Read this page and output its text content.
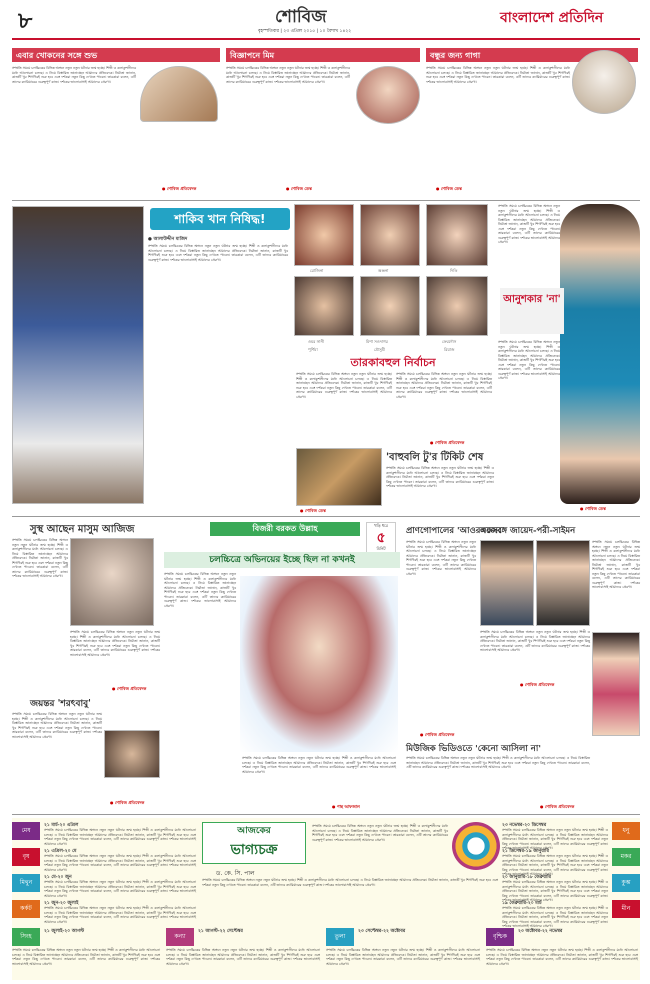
৮	শোবিজ
বৃহস্পতিবার | ২৩ এপ্রিল ২০১৫ | ১০ বৈশাখ ১৪২২
বাংলাদেশ প্রতিদিন
এবার খোকনের সঙ্গে শুভ
সম্প্রতি সময়ে চলচ্চিত্রের বিভিন্ন অঙ্গনে নতুন নতুন ঘটনার জন্ম হচ্ছে। শিল্পী ও কলাকুশলীদের মধ্যে আলোচনা চলছে। এ নিয়ে বিস্তারিত জানাচ্ছেন আমাদের প্রতিবেদক। নির্মাতা জানান, কাজটি খুব শিগগিরই শুরু হবে এবং দর্শকরা নতুন কিছু দেখতে পাবেন। তারকারা বলেন, এটি তাদের ক্যারিয়ারের গুরুত্বপূর্ণ কাজ। দর্শকের ভালোবাসাই আমাদের প্রেরণা।
● শোবিজ প্রতিবেদক
বিজ্ঞাপনে মিম
সম্প্রতি সময়ে চলচ্চিত্রের বিভিন্ন অঙ্গনে নতুন নতুন ঘটনার জন্ম হচ্ছে। শিল্পী ও কলাকুশলীদের মধ্যে আলোচনা চলছে। এ নিয়ে বিস্তারিত জানাচ্ছেন আমাদের প্রতিবেদক। নির্মাতা জানান, কাজটি খুব শিগগিরই শুরু হবে এবং দর্শকরা নতুন কিছু দেখতে পাবেন। তারকারা বলেন, এটি তাদের ক্যারিয়ারের গুরুত্বপূর্ণ কাজ। দর্শকের ভালোবাসাই আমাদের প্রেরণা।
● শোবিজ ডেস্ক
বন্ধুর জন্য গাগা
সম্প্রতি সময়ে চলচ্চিত্রের বিভিন্ন অঙ্গনে নতুন নতুন ঘটনার জন্ম হচ্ছে। শিল্পী ও কলাকুশলীদের মধ্যে আলোচনা চলছে। এ নিয়ে বিস্তারিত জানাচ্ছেন আমাদের প্রতিবেদক। নির্মাতা জানান, কাজটি খুব শিগগিরই শুরু হবে এবং দর্শকরা নতুন কিছু দেখতে পাবেন। তারকারা বলেন, এটি তাদের ক্যারিয়ারের গুরুত্বপূর্ণ কাজ। দর্শকের ভালোবাসাই আমাদের প্রেরণা।
● শোবিজ ডেস্ক
শাকিব খান নিষিদ্ধ!
● আলাউদ্দীন মাজিদ
সম্প্রতি সময়ে চলচ্চিত্রের বিভিন্ন অঙ্গনে নতুন নতুন ঘটনার জন্ম হচ্ছে। শিল্পী ও কলাকুশলীদের মধ্যে আলোচনা চলছে। এ নিয়ে বিস্তারিত জানাচ্ছেন আমাদের প্রতিবেদক। নির্মাতা জানান, কাজটি খুব শিগগিরই শুরু হবে এবং দর্শকরা নতুন কিছু দেখতে পাবেন। তারকারা বলেন, এটি তাদের ক্যারিয়ারের গুরুত্বপূর্ণ কাজ। দর্শকের ভালোবাসাই আমাদের প্রেরণা।
রোজিনা	অঞ্জনা	দিতি
ওমর সানী	মিশা সওদাগর	ফেরদৌস
পূর্ণিমা	মৌসুমী	রিয়াজ
তারকাবহুল নির্বাচন
সম্প্রতি সময়ে চলচ্চিত্রের বিভিন্ন অঙ্গনে নতুন নতুন ঘটনার জন্ম হচ্ছে। শিল্পী ও কলাকুশলীদের মধ্যে আলোচনা চলছে। এ নিয়ে বিস্তারিত জানাচ্ছেন আমাদের প্রতিবেদক। নির্মাতা জানান, কাজটি খুব শিগগিরই শুরু হবে এবং দর্শকরা নতুন কিছু দেখতে পাবেন। তারকারা বলেন, এটি তাদের ক্যারিয়ারের গুরুত্বপূর্ণ কাজ। দর্শকের ভালোবাসাই আমাদের প্রেরণা।
সম্প্রতি সময়ে চলচ্চিত্রের বিভিন্ন অঙ্গনে নতুন নতুন ঘটনার জন্ম হচ্ছে। শিল্পী ও কলাকুশলীদের মধ্যে আলোচনা চলছে। এ নিয়ে বিস্তারিত জানাচ্ছেন আমাদের প্রতিবেদক। নির্মাতা জানান, কাজটি খুব শিগগিরই শুরু হবে এবং দর্শকরা নতুন কিছু দেখতে পাবেন। তারকারা বলেন, এটি তাদের ক্যারিয়ারের গুরুত্বপূর্ণ কাজ। দর্শকের ভালোবাসাই আমাদের প্রেরণা।
● শোবিজ প্রতিবেদক
সম্প্রতি সময়ে চলচ্চিত্রের বিভিন্ন অঙ্গনে নতুন নতুন ঘটনার জন্ম হচ্ছে। শিল্পী ও কলাকুশলীদের মধ্যে আলোচনা চলছে। এ নিয়ে বিস্তারিত জানাচ্ছেন আমাদের প্রতিবেদক। নির্মাতা জানান, কাজটি খুব শিগগিরই শুরু হবে এবং দর্শকরা নতুন কিছু দেখতে পাবেন। তারকারা বলেন, এটি তাদের ক্যারিয়ারের গুরুত্বপূর্ণ কাজ। দর্শকের ভালোবাসাই আমাদের প্রেরণা।
আনুশকার 'না'
সম্প্রতি সময়ে চলচ্চিত্রের বিভিন্ন অঙ্গনে নতুন নতুন ঘটনার জন্ম হচ্ছে। শিল্পী ও কলাকুশলীদের মধ্যে আলোচনা চলছে। এ নিয়ে বিস্তারিত জানাচ্ছেন আমাদের প্রতিবেদক। নির্মাতা জানান, কাজটি খুব শিগগিরই শুরু হবে এবং দর্শকরা নতুন কিছু দেখতে পাবেন। তারকারা বলেন, এটি তাদের ক্যারিয়ারের গুরুত্বপূর্ণ কাজ। দর্শকের ভালোবাসাই আমাদের প্রেরণা।
● শোবিজ ডেস্ক
'বাহুবলি টু'র টিকিট শেষ
সম্প্রতি সময়ে চলচ্চিত্রের বিভিন্ন অঙ্গনে নতুন নতুন ঘটনার জন্ম হচ্ছে। শিল্পী ও কলাকুশলীদের মধ্যে আলোচনা চলছে। এ নিয়ে বিস্তারিত জানাচ্ছেন আমাদের প্রতিবেদক। নির্মাতা জানান, কাজটি খুব শিগগিরই শুরু হবে এবং দর্শকরা নতুন কিছু দেখতে পাবেন। তারকারা বলেন, এটি তাদের ক্যারিয়ারের গুরুত্বপূর্ণ কাজ। দর্শকের ভালোবাসাই আমাদের প্রেরণা।
● শোবিজ ডেস্ক
সুস্থ আছেন মাসুম আজিজ
সম্প্রতি সময়ে চলচ্চিত্রের বিভিন্ন অঙ্গনে নতুন নতুন ঘটনার জন্ম হচ্ছে। শিল্পী ও কলাকুশলীদের মধ্যে আলোচনা চলছে। এ নিয়ে বিস্তারিত জানাচ্ছেন আমাদের প্রতিবেদক। নির্মাতা জানান, কাজটি খুব শিগগিরই শুরু হবে এবং দর্শকরা নতুন কিছু দেখতে পাবেন। তারকারা বলেন, এটি তাদের ক্যারিয়ারের গুরুত্বপূর্ণ কাজ। দর্শকের ভালোবাসাই আমাদের প্রেরণা।
সম্প্রতি সময়ে চলচ্চিত্রের বিভিন্ন অঙ্গনে নতুন নতুন ঘটনার জন্ম হচ্ছে। শিল্পী ও কলাকুশলীদের মধ্যে আলোচনা চলছে। এ নিয়ে বিস্তারিত জানাচ্ছেন আমাদের প্রতিবেদক। নির্মাতা জানান, কাজটি খুব শিগগিরই শুরু হবে এবং দর্শকরা নতুন কিছু দেখতে পাবেন। তারকারা বলেন, এটি তাদের ক্যারিয়ারের গুরুত্বপূর্ণ কাজ। দর্শকের ভালোবাসাই আমাদের প্রেরণা।
● শোবিজ প্রতিবেদক
জয়ন্তর 'শরৎবাবু'
সম্প্রতি সময়ে চলচ্চিত্রের বিভিন্ন অঙ্গনে নতুন নতুন ঘটনার জন্ম হচ্ছে। শিল্পী ও কলাকুশলীদের মধ্যে আলোচনা চলছে। এ নিয়ে বিস্তারিত জানাচ্ছেন আমাদের প্রতিবেদক। নির্মাতা জানান, কাজটি খুব শিগগিরই শুরু হবে এবং দর্শকরা নতুন কিছু দেখতে পাবেন। তারকারা বলেন, এটি তাদের ক্যারিয়ারের গুরুত্বপূর্ণ কাজ। দর্শকের ভালোবাসাই আমাদের প্রেরণা।
● শোবিজ প্রতিবেদক
বিজরী বরকত উল্লাহ	খড়ি ধরে
৫
মিনিট
চলচ্চিত্রে অভিনয়ের ইচ্ছে ছিল না কখনই
সম্প্রতি সময়ে চলচ্চিত্রের বিভিন্ন অঙ্গনে নতুন নতুন ঘটনার জন্ম হচ্ছে। শিল্পী ও কলাকুশলীদের মধ্যে আলোচনা চলছে। এ নিয়ে বিস্তারিত জানাচ্ছেন আমাদের প্রতিবেদক। নির্মাতা জানান, কাজটি খুব শিগগিরই শুরু হবে এবং দর্শকরা নতুন কিছু দেখতে পাবেন। তারকারা বলেন, এটি তাদের ক্যারিয়ারের গুরুত্বপূর্ণ কাজ। দর্শকের ভালোবাসাই আমাদের প্রেরণা।
সম্প্রতি সময়ে চলচ্চিত্রের বিভিন্ন অঙ্গনে নতুন নতুন ঘটনার জন্ম হচ্ছে। শিল্পী ও কলাকুশলীদের মধ্যে আলোচনা চলছে। এ নিয়ে বিস্তারিত জানাচ্ছেন আমাদের প্রতিবেদক। নির্মাতা জানান, কাজটি খুব শিগগিরই শুরু হবে এবং দর্শকরা নতুন কিছু দেখতে পাবেন। তারকারা বলেন, এটি তাদের ক্যারিয়ারের গুরুত্বপূর্ণ কাজ। দর্শকের ভালোবাসাই আমাদের প্রেরণা।
● পান্থ আফজাল
প্রাণগোপালের 'আওরঙ্গজেব'
সম্প্রতি সময়ে চলচ্চিত্রের বিভিন্ন অঙ্গনে নতুন নতুন ঘটনার জন্ম হচ্ছে। শিল্পী ও কলাকুশলীদের মধ্যে আলোচনা চলছে। এ নিয়ে বিস্তারিত জানাচ্ছেন আমাদের প্রতিবেদক। নির্মাতা জানান, কাজটি খুব শিগগিরই শুরু হবে এবং দর্শকরা নতুন কিছু দেখতে পাবেন। তারকারা বলেন, এটি তাদের ক্যারিয়ারের গুরুত্বপূর্ণ কাজ। দর্শকের ভালোবাসাই আমাদের প্রেরণা।
● শোবিজ প্রতিবেদক
একসঙ্গে জায়েদ-পরী-সাইমন
সম্প্রতি সময়ে চলচ্চিত্রের বিভিন্ন অঙ্গনে নতুন নতুন ঘটনার জন্ম হচ্ছে। শিল্পী ও কলাকুশলীদের মধ্যে আলোচনা চলছে। এ নিয়ে বিস্তারিত জানাচ্ছেন আমাদের প্রতিবেদক। নির্মাতা জানান, কাজটি খুব শিগগিরই শুরু হবে এবং দর্শকরা নতুন কিছু দেখতে পাবেন। তারকারা বলেন, এটি তাদের ক্যারিয়ারের গুরুত্বপূর্ণ কাজ। দর্শকের ভালোবাসাই আমাদের প্রেরণা।
সম্প্রতি সময়ে চলচ্চিত্রের বিভিন্ন অঙ্গনে নতুন নতুন ঘটনার জন্ম হচ্ছে। শিল্পী ও কলাকুশলীদের মধ্যে আলোচনা চলছে। এ নিয়ে বিস্তারিত জানাচ্ছেন আমাদের প্রতিবেদক। নির্মাতা জানান, কাজটি খুব শিগগিরই শুরু হবে এবং দর্শকরা নতুন কিছু দেখতে পাবেন। তারকারা বলেন, এটি তাদের ক্যারিয়ারের গুরুত্বপূর্ণ কাজ। দর্শকের ভালোবাসাই আমাদের প্রেরণা।
● শোবিজ প্রতিবেদক
মিউজিক ভিডিওতে 'কেনো আসিলা না'
সম্প্রতি সময়ে চলচ্চিত্রের বিভিন্ন অঙ্গনে নতুন নতুন ঘটনার জন্ম হচ্ছে। শিল্পী ও কলাকুশলীদের মধ্যে আলোচনা চলছে। এ নিয়ে বিস্তারিত জানাচ্ছেন আমাদের প্রতিবেদক। নির্মাতা জানান, কাজটি খুব শিগগিরই শুরু হবে এবং দর্শকরা নতুন কিছু দেখতে পাবেন। তারকারা বলেন, এটি তাদের ক্যারিয়ারের গুরুত্বপূর্ণ কাজ। দর্শকের ভালোবাসাই আমাদের প্রেরণা।
● শোবিজ প্রতিবেদক
আজকের
ভাগ্যচক্র
ড. কে. সি. পাল
সম্প্রতি সময়ে চলচ্চিত্রের বিভিন্ন অঙ্গনে নতুন নতুন ঘটনার জন্ম হচ্ছে। শিল্পী ও কলাকুশলীদের মধ্যে আলোচনা চলছে। এ নিয়ে বিস্তারিত জানাচ্ছেন আমাদের প্রতিবেদক। নির্মাতা জানান, কাজটি খুব শিগগিরই শুরু হবে এবং দর্শকরা নতুন কিছু দেখতে পাবেন। তারকারা বলেন, এটি তাদের ক্যারিয়ারের গুরুত্বপূর্ণ কাজ। দর্শকের ভালোবাসাই আমাদের প্রেরণা।
মেষ
২১ মার্চ-২০ এপ্রিল
সম্প্রতি সময়ে চলচ্চিত্রের বিভিন্ন অঙ্গনে নতুন নতুন ঘটনার জন্ম হচ্ছে। শিল্পী ও কলাকুশলীদের মধ্যে আলোচনা চলছে। এ নিয়ে বিস্তারিত জানাচ্ছেন আমাদের প্রতিবেদক। নির্মাতা জানান, কাজটি খুব শিগগিরই শুরু হবে এবং দর্শকরা নতুন কিছু দেখতে পাবেন। তারকারা বলেন, এটি তাদের ক্যারিয়ারের গুরুত্বপূর্ণ কাজ। দর্শকের ভালোবাসাই আমাদের প্রেরণা।
বৃষ
২১ এপ্রিল-২০ মে
সম্প্রতি সময়ে চলচ্চিত্রের বিভিন্ন অঙ্গনে নতুন নতুন ঘটনার জন্ম হচ্ছে। শিল্পী ও কলাকুশলীদের মধ্যে আলোচনা চলছে। এ নিয়ে বিস্তারিত জানাচ্ছেন আমাদের প্রতিবেদক। নির্মাতা জানান, কাজটি খুব শিগগিরই শুরু হবে এবং দর্শকরা নতুন কিছু দেখতে পাবেন। তারকারা বলেন, এটি তাদের ক্যারিয়ারের গুরুত্বপূর্ণ কাজ। দর্শকের ভালোবাসাই আমাদের প্রেরণা।
মিথুন
২১ মে-২০ জুন
সম্প্রতি সময়ে চলচ্চিত্রের বিভিন্ন অঙ্গনে নতুন নতুন ঘটনার জন্ম হচ্ছে। শিল্পী ও কলাকুশলীদের মধ্যে আলোচনা চলছে। এ নিয়ে বিস্তারিত জানাচ্ছেন আমাদের প্রতিবেদক। নির্মাতা জানান, কাজটি খুব শিগগিরই শুরু হবে এবং দর্শকরা নতুন কিছু দেখতে পাবেন। তারকারা বলেন, এটি তাদের ক্যারিয়ারের গুরুত্বপূর্ণ কাজ। দর্শকের ভালোবাসাই আমাদের প্রেরণা।
কর্কট
২১ জুন-২০ জুলাই
সম্প্রতি সময়ে চলচ্চিত্রের বিভিন্ন অঙ্গনে নতুন নতুন ঘটনার জন্ম হচ্ছে। শিল্পী ও কলাকুশলীদের মধ্যে আলোচনা চলছে। এ নিয়ে বিস্তারিত জানাচ্ছেন আমাদের প্রতিবেদক। নির্মাতা জানান, কাজটি খুব শিগগিরই শুরু হবে এবং দর্শকরা নতুন কিছু দেখতে পাবেন। তারকারা বলেন, এটি তাদের ক্যারিয়ারের গুরুত্বপূর্ণ কাজ। দর্শকের ভালোবাসাই আমাদের প্রেরণা।
সিংহ
২১ জুলাই-২০ আগস্ট
সম্প্রতি সময়ে চলচ্চিত্রের বিভিন্ন অঙ্গনে নতুন নতুন ঘটনার জন্ম হচ্ছে। শিল্পী ও কলাকুশলীদের মধ্যে আলোচনা চলছে। এ নিয়ে বিস্তারিত জানাচ্ছেন আমাদের প্রতিবেদক। নির্মাতা জানান, কাজটি খুব শিগগিরই শুরু হবে এবং দর্শকরা নতুন কিছু দেখতে পাবেন। তারকারা বলেন, এটি তাদের ক্যারিয়ারের গুরুত্বপূর্ণ কাজ। দর্শকের ভালোবাসাই আমাদের প্রেরণা।
কন্যা
২১ আগস্ট-২২ সেপ্টেম্বর
সম্প্রতি সময়ে চলচ্চিত্রের বিভিন্ন অঙ্গনে নতুন নতুন ঘটনার জন্ম হচ্ছে। শিল্পী ও কলাকুশলীদের মধ্যে আলোচনা চলছে। এ নিয়ে বিস্তারিত জানাচ্ছেন আমাদের প্রতিবেদক। নির্মাতা জানান, কাজটি খুব শিগগিরই শুরু হবে এবং দর্শকরা নতুন কিছু দেখতে পাবেন। তারকারা বলেন, এটি তাদের ক্যারিয়ারের গুরুত্বপূর্ণ কাজ। দর্শকের ভালোবাসাই আমাদের প্রেরণা।
তুলা
২৩ সেপ্টেম্বর-২২ অক্টোবর
সম্প্রতি সময়ে চলচ্চিত্রের বিভিন্ন অঙ্গনে নতুন নতুন ঘটনার জন্ম হচ্ছে। শিল্পী ও কলাকুশলীদের মধ্যে আলোচনা চলছে। এ নিয়ে বিস্তারিত জানাচ্ছেন আমাদের প্রতিবেদক। নির্মাতা জানান, কাজটি খুব শিগগিরই শুরু হবে এবং দর্শকরা নতুন কিছু দেখতে পাবেন। তারকারা বলেন, এটি তাদের ক্যারিয়ারের গুরুত্বপূর্ণ কাজ। দর্শকের ভালোবাসাই আমাদের প্রেরণা।
বৃশ্চিক
২৩ অক্টোবর-২২ নভেম্বর
সম্প্রতি সময়ে চলচ্চিত্রের বিভিন্ন অঙ্গনে নতুন নতুন ঘটনার জন্ম হচ্ছে। শিল্পী ও কলাকুশলীদের মধ্যে আলোচনা চলছে। এ নিয়ে বিস্তারিত জানাচ্ছেন আমাদের প্রতিবেদক। নির্মাতা জানান, কাজটি খুব শিগগিরই শুরু হবে এবং দর্শকরা নতুন কিছু দেখতে পাবেন। তারকারা বলেন, এটি তাদের ক্যারিয়ারের গুরুত্বপূর্ণ কাজ। দর্শকের ভালোবাসাই আমাদের প্রেরণা।
ধনু
২৩ নভেম্বর-২০ ডিসেম্বর
সম্প্রতি সময়ে চলচ্চিত্রের বিভিন্ন অঙ্গনে নতুন নতুন ঘটনার জন্ম হচ্ছে। শিল্পী ও কলাকুশলীদের মধ্যে আলোচনা চলছে। এ নিয়ে বিস্তারিত জানাচ্ছেন আমাদের প্রতিবেদক। নির্মাতা জানান, কাজটি খুব শিগগিরই শুরু হবে এবং দর্শকরা নতুন কিছু দেখতে পাবেন। তারকারা বলেন, এটি তাদের ক্যারিয়ারের গুরুত্বপূর্ণ কাজ। দর্শকের ভালোবাসাই আমাদের প্রেরণা।
মকর
২১ ডিসেম্বর-১৯ জানুয়ারি
সম্প্রতি সময়ে চলচ্চিত্রের বিভিন্ন অঙ্গনে নতুন নতুন ঘটনার জন্ম হচ্ছে। শিল্পী ও কলাকুশলীদের মধ্যে আলোচনা চলছে। এ নিয়ে বিস্তারিত জানাচ্ছেন আমাদের প্রতিবেদক। নির্মাতা জানান, কাজটি খুব শিগগিরই শুরু হবে এবং দর্শকরা নতুন কিছু দেখতে পাবেন। তারকারা বলেন, এটি তাদের ক্যারিয়ারের গুরুত্বপূর্ণ কাজ। দর্শকের ভালোবাসাই আমাদের প্রেরণা।
কুম্ভ
২০ জানুয়ারি-১৮ ফেব্রুয়ারি
সম্প্রতি সময়ে চলচ্চিত্রের বিভিন্ন অঙ্গনে নতুন নতুন ঘটনার জন্ম হচ্ছে। শিল্পী ও কলাকুশলীদের মধ্যে আলোচনা চলছে। এ নিয়ে বিস্তারিত জানাচ্ছেন আমাদের প্রতিবেদক। নির্মাতা জানান, কাজটি খুব শিগগিরই শুরু হবে এবং দর্শকরা নতুন কিছু দেখতে পাবেন। তারকারা বলেন, এটি তাদের ক্যারিয়ারের গুরুত্বপূর্ণ কাজ। দর্শকের ভালোবাসাই আমাদের প্রেরণা।
মীন
১৯ ফেব্রুয়ারি-২০ মার্চ
সম্প্রতি সময়ে চলচ্চিত্রের বিভিন্ন অঙ্গনে নতুন নতুন ঘটনার জন্ম হচ্ছে। শিল্পী ও কলাকুশলীদের মধ্যে আলোচনা চলছে। এ নিয়ে বিস্তারিত জানাচ্ছেন আমাদের প্রতিবেদক। নির্মাতা জানান, কাজটি খুব শিগগিরই শুরু হবে এবং দর্শকরা নতুন কিছু দেখতে পাবেন। তারকারা বলেন, এটি তাদের ক্যারিয়ারের গুরুত্বপূর্ণ কাজ। দর্শকের ভালোবাসাই আমাদের প্রেরণা।
সম্প্রতি সময়ে চলচ্চিত্রের বিভিন্ন অঙ্গনে নতুন নতুন ঘটনার জন্ম হচ্ছে। শিল্পী ও কলাকুশলীদের মধ্যে আলোচনা চলছে। এ নিয়ে বিস্তারিত জানাচ্ছেন আমাদের প্রতিবেদক। নির্মাতা জানান, কাজটি খুব শিগগিরই শুরু হবে এবং দর্শকরা নতুন কিছু দেখতে পাবেন। তারকারা বলেন, এটি তাদের ক্যারিয়ারের গুরুত্বপূর্ণ কাজ। দর্শকের ভালোবাসাই আমাদের প্রেরণা।
